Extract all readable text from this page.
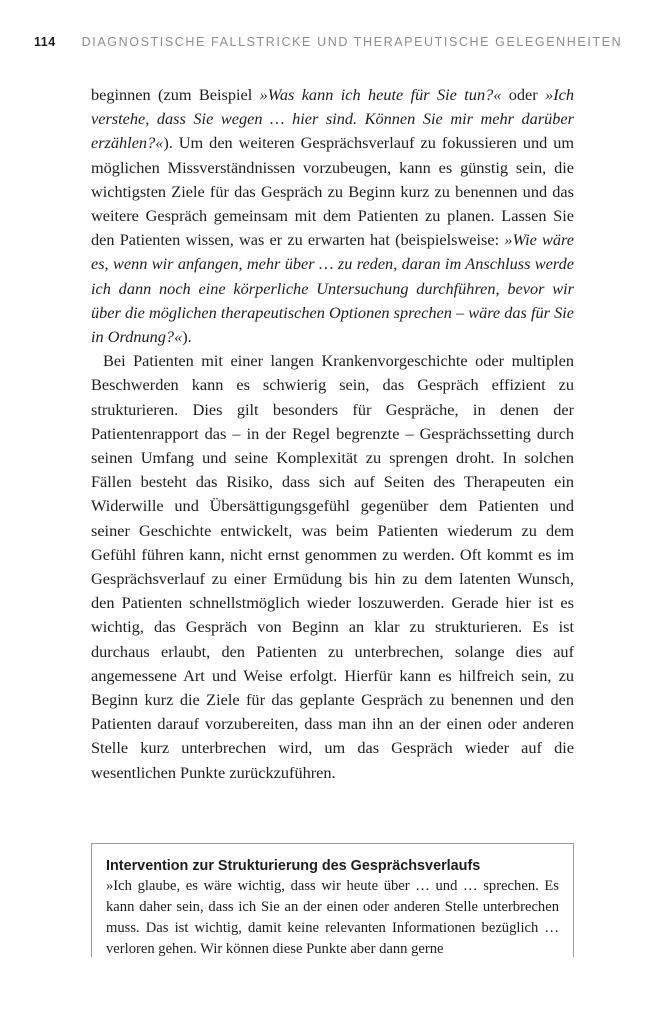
114 DIAGNOSTISCHE FALLSTRICKE UND THERAPEUTISCHE GELEGENHEITEN

beginnen (zum Beispiel »Was kann ich heute für Sie tun?« oder »Ich verstehe, dass Sie wegen … hier sind. Können Sie mir mehr darüber erzählen?«). Um den weiteren Gesprächsverlauf zu fokussieren und um möglichen Missverständnissen vorzubeugen, kann es günstig sein, die wichtigsten Ziele für das Gespräch zu Beginn kurz zu benennen und das weitere Gespräch gemeinsam mit dem Patienten zu planen. Lassen Sie den Patienten wissen, was er zu erwarten hat (beispielsweise: »Wie wäre es, wenn wir anfangen, mehr über … zu reden, daran im Anschluss werde ich dann noch eine körperliche Untersuchung durchführen, bevor wir über die möglichen therapeutischen Optionen sprechen – wäre das für Sie in Ordnung?«).

Bei Patienten mit einer langen Krankenvorgeschichte oder multiplen Beschwerden kann es schwierig sein, das Gespräch effizient zu strukturieren. Dies gilt besonders für Gespräche, in denen der Patientenrapport das – in der Regel begrenzte – Gesprächssetting durch seinen Umfang und seine Komplexität zu sprengen droht. In solchen Fällen besteht das Risiko, dass sich auf Seiten des Therapeuten ein Widerwille und Übersättigungsgefühl gegenüber dem Patienten und seiner Geschichte entwickelt, was beim Patienten wiederum zu dem Gefühl führen kann, nicht ernst genommen zu werden. Oft kommt es im Gesprächsverlauf zu einer Ermüdung bis hin zu dem latenten Wunsch, den Patienten schnellstmöglich wieder loszuwerden. Gerade hier ist es wichtig, das Gespräch von Beginn an klar zu strukturieren. Es ist durchaus erlaubt, den Patienten zu unterbrechen, solange dies auf angemessene Art und Weise erfolgt. Hierfür kann es hilfreich sein, zu Beginn kurz die Ziele für das geplante Gespräch zu benennen und den Patienten darauf vorzubereiten, dass man ihn an der einen oder anderen Stelle kurz unterbrechen wird, um das Gespräch wieder auf die wesentlichen Punkte zurückzuführen.

Intervention zur Strukturierung des Gesprächsverlaufs
»Ich glaube, es wäre wichtig, dass wir heute über … und … sprechen. Es kann daher sein, dass ich Sie an der einen oder anderen Stelle unterbrechen muss. Das ist wichtig, damit keine relevanten Informationen bezüglich … verloren gehen. Wir können diese Punkte aber dann gerne
